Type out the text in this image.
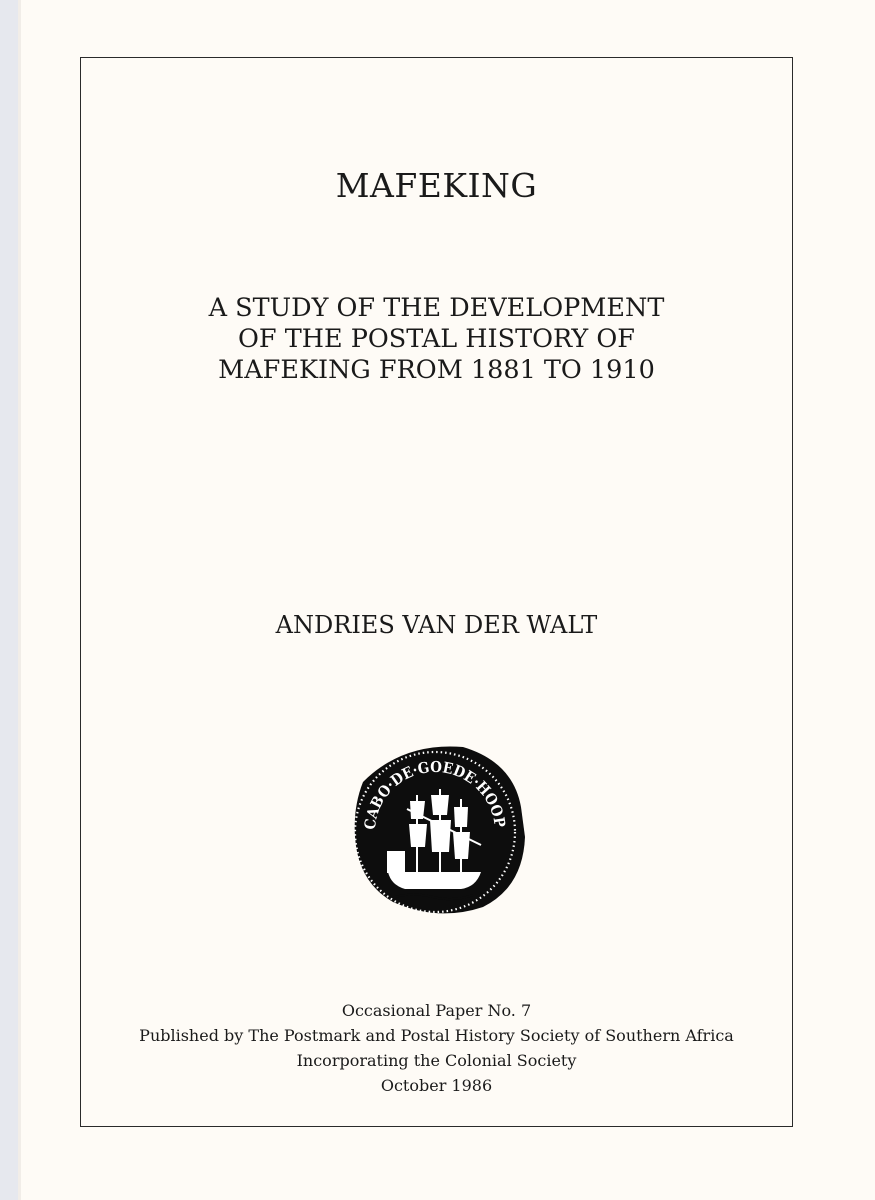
MAFEKING
A STUDY OF THE DEVELOPMENT
OF THE POSTAL HISTORY OF
MAFEKING FROM 1881 TO 1910
ANDRIES VAN DER WALT
CABO·DE·GOEDE·HOOP
Occasional Paper No. 7
Published by The Postmark and Postal History Society of Southern Africa
Incorporating the Colonial Society
October 1986
